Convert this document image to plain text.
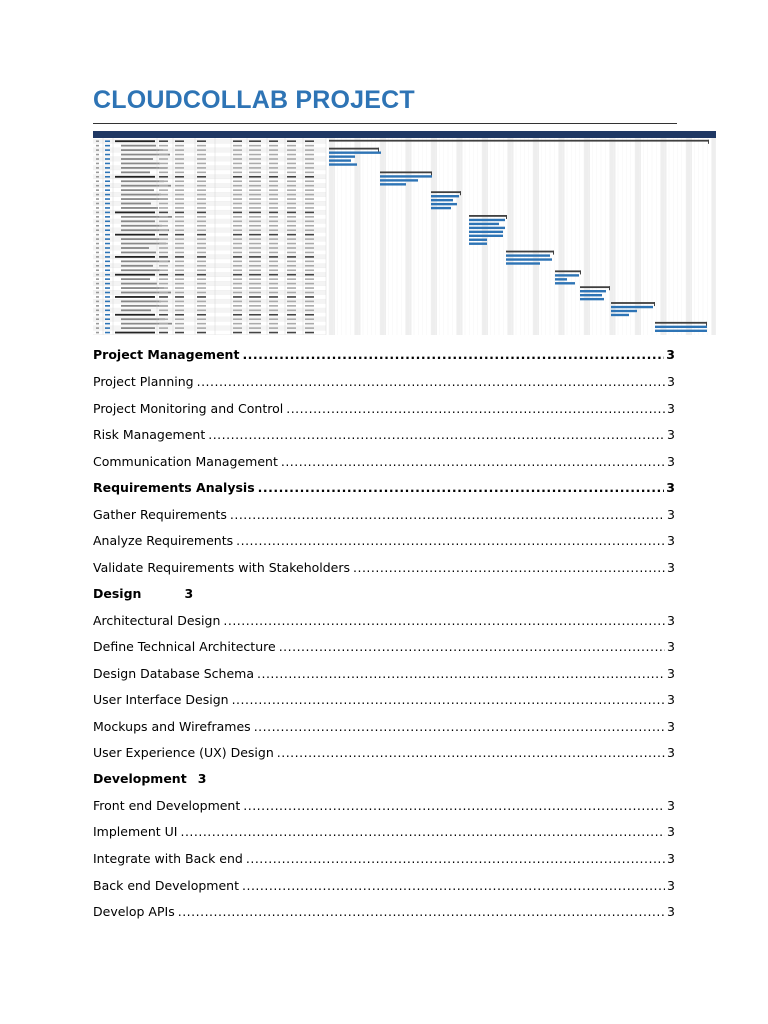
CLOUDCOLLAB PROJECT
Project Management .....	3
Project Planning .....	3
Project Monitoring and Control .....	3
Risk Management .....	3
Communication Management .....	3
Requirements Analysis .....	3
Gather Requirements .....	3
Analyze Requirements .....	3
Validate Requirements with Stakeholders .....	3
Design	3
Architectural Design .....	3
Define Technical Architecture .....	3
Design Database Schema .....	3
User Interface Design .....	3
Mockups and Wireframes .....	3
User Experience (UX) Design .....	3
Development 3
Front end Development .....	3
Implement UI .....	3
Integrate with Back end .....	3
Back end Development .....	3
Develop APIs .....	3
